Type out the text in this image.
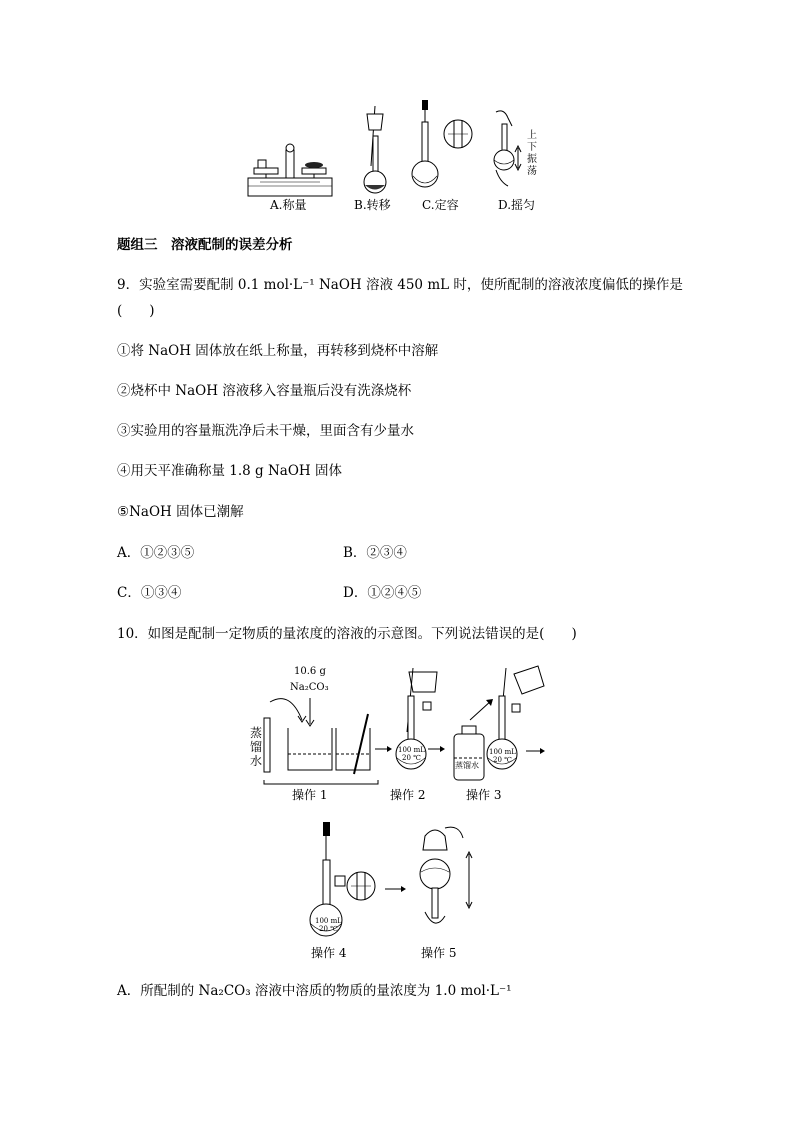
上下振荡
A.称量	B.转移	C.定容	D.摇匀
题组三　溶液配制的误差分析
9．实验室需要配制 0.1 mol·L⁻¹ NaOH 溶液 450 mL 时，使所配制的溶液浓度偏低的操作是
(　　)
①将 NaOH 固体放在纸上称量，再转移到烧杯中溶解
②烧杯中 NaOH 溶液移入容量瓶后没有洗涤烧杯
③实验用的容量瓶洗净后未干燥，里面含有少量水
④用天平准确称量 1.8 g NaOH 固体
⑤NaOH 固体已潮解
A．①②③⑤	B．②③④
C．①③④	D．①②④⑤
10．如图是配制一定物质的量浓度的溶液的示意图。下列说法错误的是(　　)
10.6 g
Na₂CO₃
蒸馏水
100 mL
20 ℃
蒸馏水
100 mL
20 ℃
操作 1	操作 2	操作 3
100 mL
20 ℃
操作 4	操作 5
A．所配制的 Na₂CO₃ 溶液中溶质的物质的量浓度为 1.0 mol·L⁻¹
